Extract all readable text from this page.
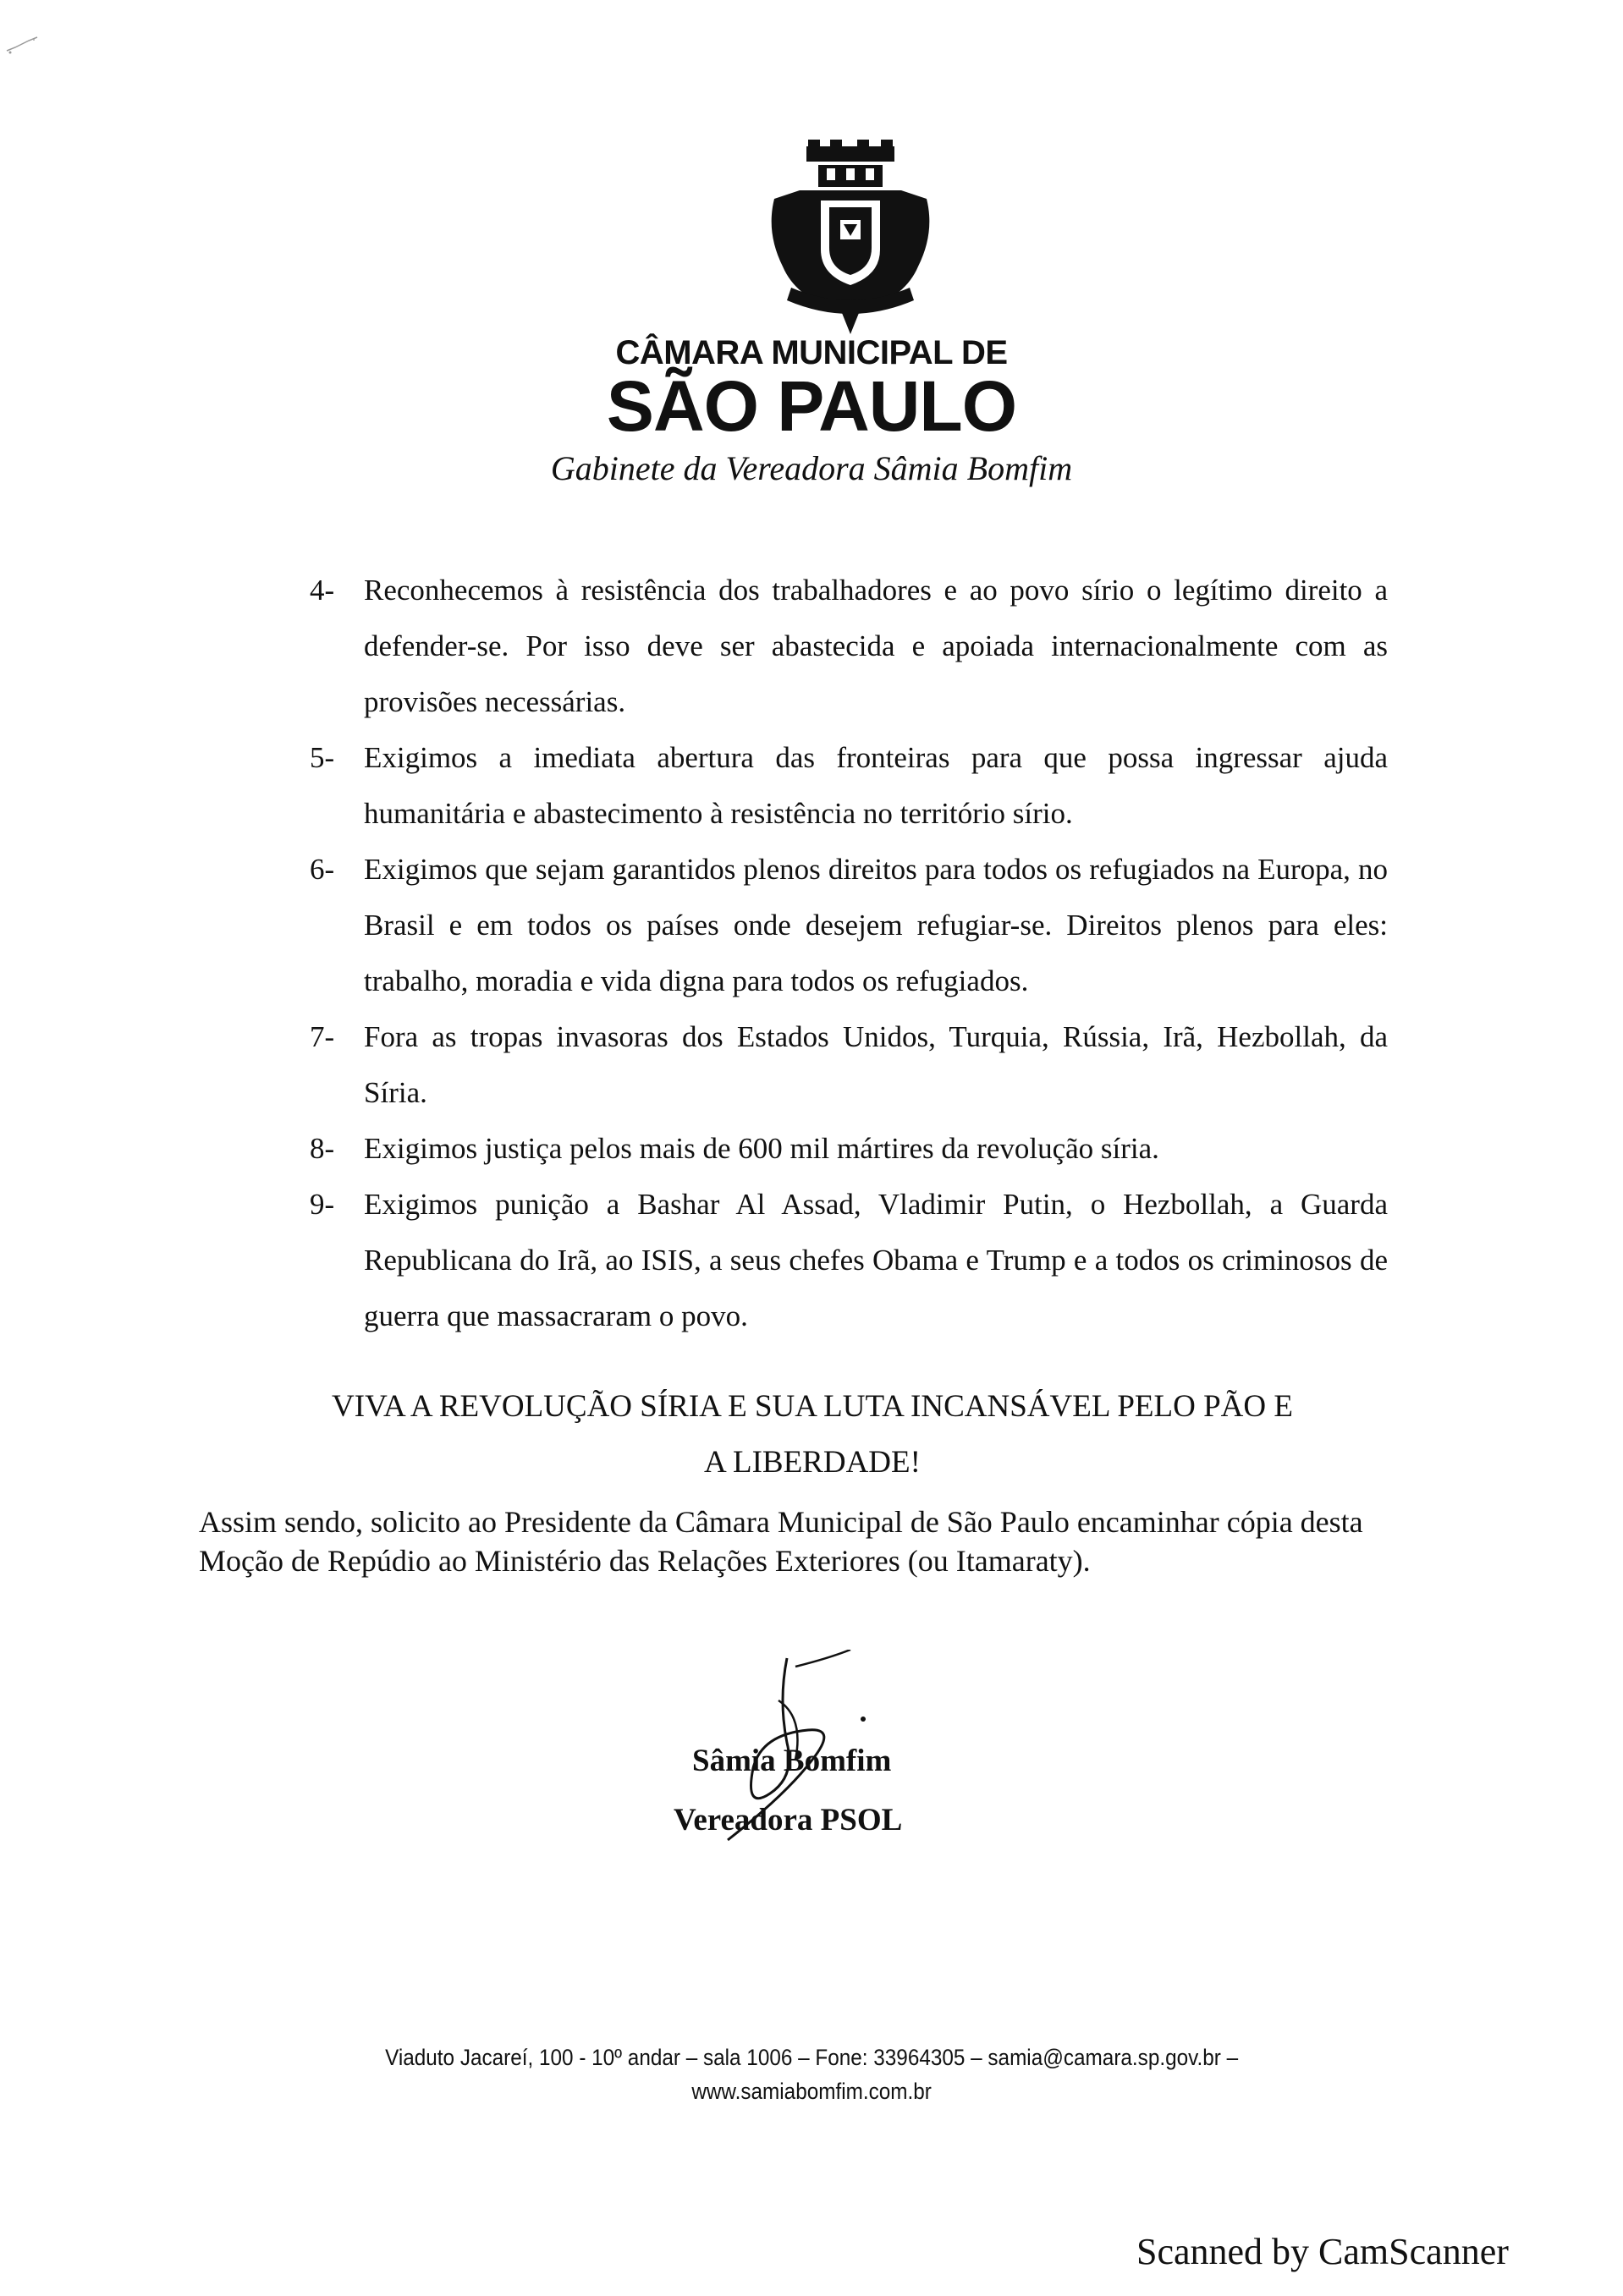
CÂMARA MUNICIPAL DE
SÃO PAULO
Gabinete da Vereadora Sâmia Bomfim
4- Reconhecemos à resistência dos trabalhadores e ao povo sírio o legítimo direito a defender-se. Por isso deve ser abastecida e apoiada internacionalmente com as provisões necessárias.
5- Exigimos a imediata abertura das fronteiras para que possa ingressar ajuda humanitária e abastecimento à resistência no território sírio.
6- Exigimos que sejam garantidos plenos direitos para todos os refugiados na Europa, no Brasil e em todos os países onde desejem refugiar-se. Direitos plenos para eles: trabalho, moradia e vida digna para todos os refugiados.
7- Fora as tropas invasoras dos Estados Unidos, Turquia, Rússia, Irã, Hezbollah, da Síria.
8- Exigimos justiça pelos mais de 600 mil mártires da revolução síria.
9- Exigimos punição a Bashar Al Assad, Vladimir Putin, o Hezbollah, a Guarda Republicana do Irã, ao ISIS, a seus chefes Obama e Trump e a todos os criminosos de guerra que massacraram o povo.
VIVA A REVOLUÇÃO SÍRIA E SUA LUTA INCANSÁVEL PELO PÃO E
A LIBERDADE!
Assim sendo, solicito ao Presidente da Câmara Municipal de São Paulo encaminhar cópia desta Moção de Repúdio ao Ministério das Relações Exteriores (ou Itamaraty).
Sâmia Bomfim
Vereadora PSOL
Viaduto Jacareí, 100 - 10º andar – sala 1006 – Fone: 33964305 – samia@camara.sp.gov.br –
www.samiabomfim.com.br
Scanned by CamScanner
